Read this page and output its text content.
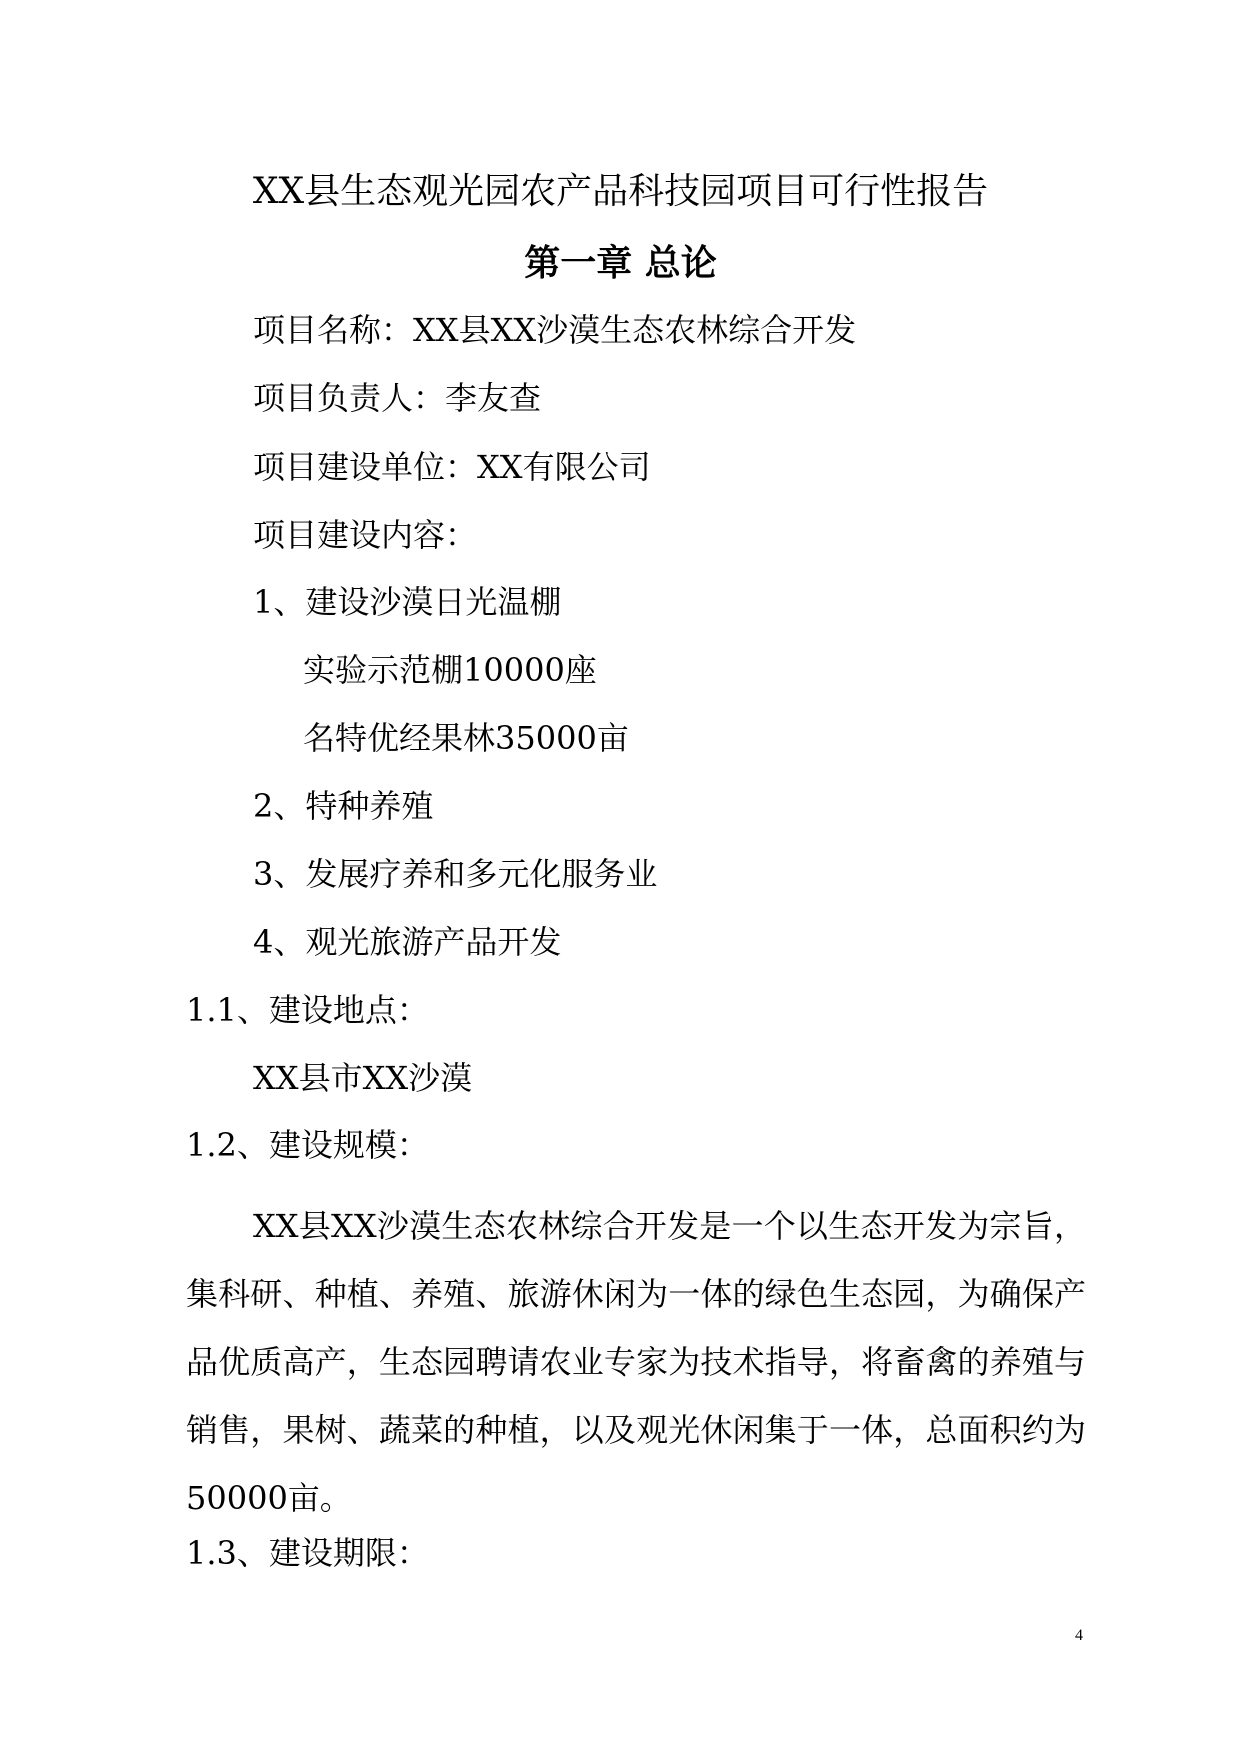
XX县生态观光园农产品科技园项目可行性报告
第一章 总论
项目名称：XX县XX沙漠生态农林综合开发
项目负责人：李友查
项目建设单位：XX有限公司
项目建设内容：
1、建设沙漠日光温棚
实验示范棚10000座
名特优经果林35000亩
2、特种养殖
3、发展疗养和多元化服务业
4、观光旅游产品开发
1.1、建设地点：
XX县市XX沙漠
1.2、建设规模：
XX县XX沙漠生态农林综合开发是一个以生态开发为宗旨，集科研、种植、养殖、旅游休闲为一体的绿色生态园，为确保产品优质高产，生态园聘请农业专家为技术指导，将畜禽的养殖与销售，果树、蔬菜的种植，以及观光休闲集于一体，总面积约为50000亩。
1.3、建设期限：
4
